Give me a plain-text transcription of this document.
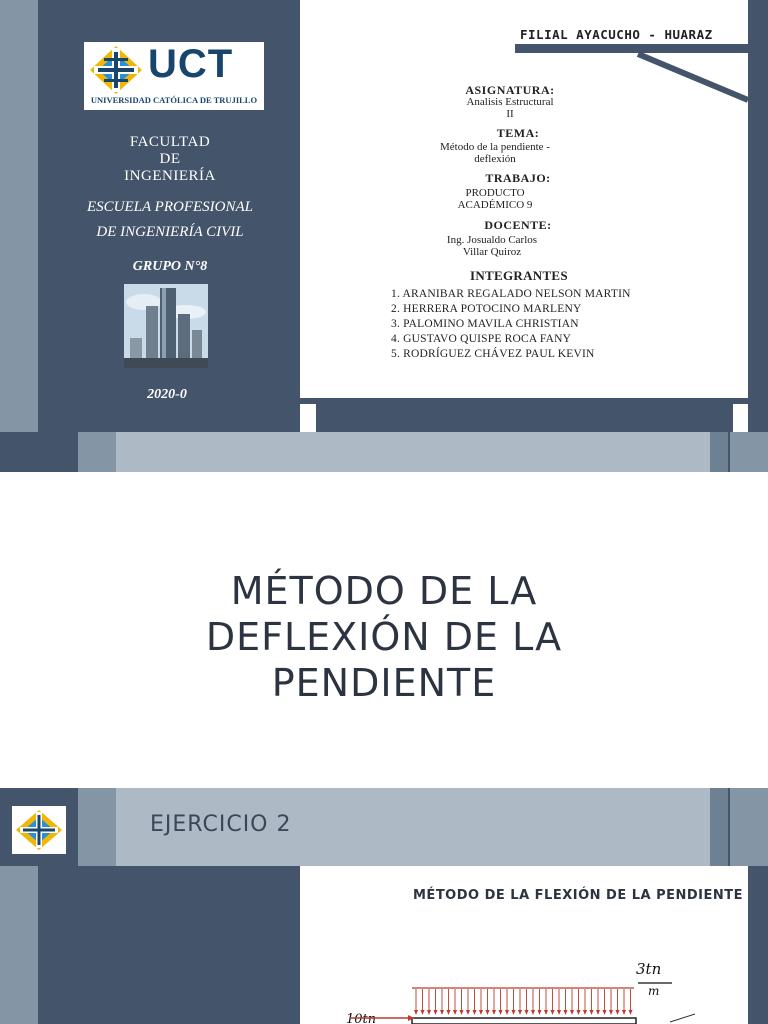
UCT
UNIVERSIDAD CATÓLICA DE TRUJILLO
FACULTAD
DE
INGENIERÍA
ESCUELA PROFESIONAL
DE INGENIERÍA CIVIL
GRUPO N°8
2020-0
FILIAL AYACUCHO - HUARAZ
ASIGNATURA:
Analisis Estructural
II
TEMA:
Método de la pendiente -
deflexión
TRABAJO:
PRODUCTO
ACADÉMICO 9
DOCENTE:
Ing. Josualdo Carlos
Villar Quiroz
INTEGRANTES
1. ARANIBAR REGALADO NELSON MARTIN
2. HERRERA POTOCINO MARLENY
3. PALOMINO MAVILA CHRISTIAN
4. GUSTAVO QUISPE ROCA FANY
5. RODRÍGUEZ CHÁVEZ PAUL KEVIN
MÉTODO DE LA
DEFLEXIÓN DE LA
PENDIENTE
EJERCICIO 2
MÉTODO DE LA FLEXIÓN DE LA PENDIENTE
3tn
m
10tn
